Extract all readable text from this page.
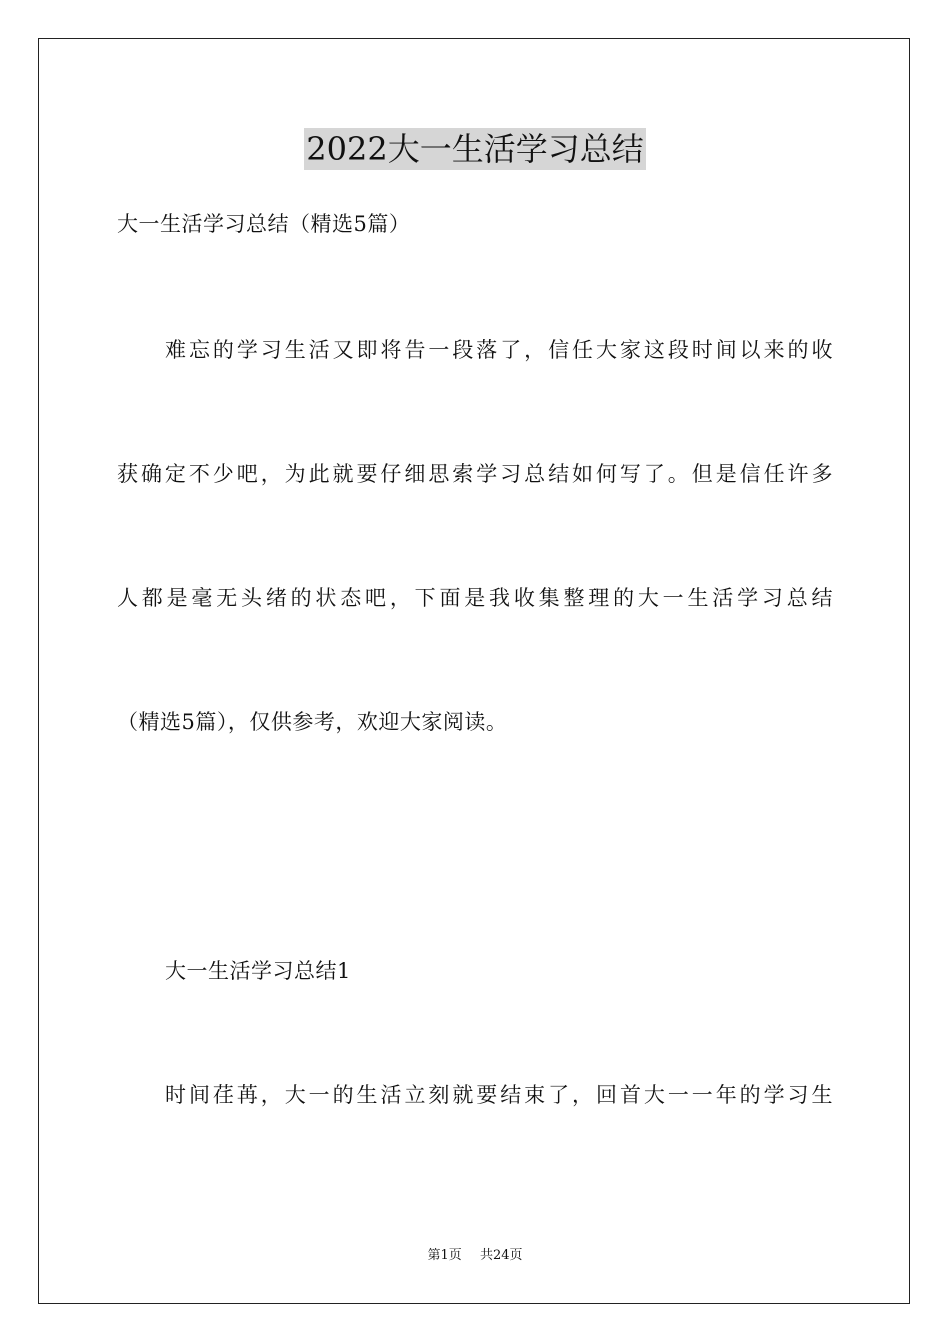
2022大一生活学习总结
大一生活学习总结（精选5篇）
难忘的学习生活又即将告一段落了，信任大家这段时间以来的收
获确定不少吧，为此就要仔细思索学习总结如何写了。但是信任许多
人都是毫无头绪的状态吧，下面是我收集整理的大一生活学习总结
（精选5篇），仅供参考，欢迎大家阅读。
大一生活学习总结1
时间荏苒，大一的生活立刻就要结束了，回首大一一年的学习生
第1页 共24页
